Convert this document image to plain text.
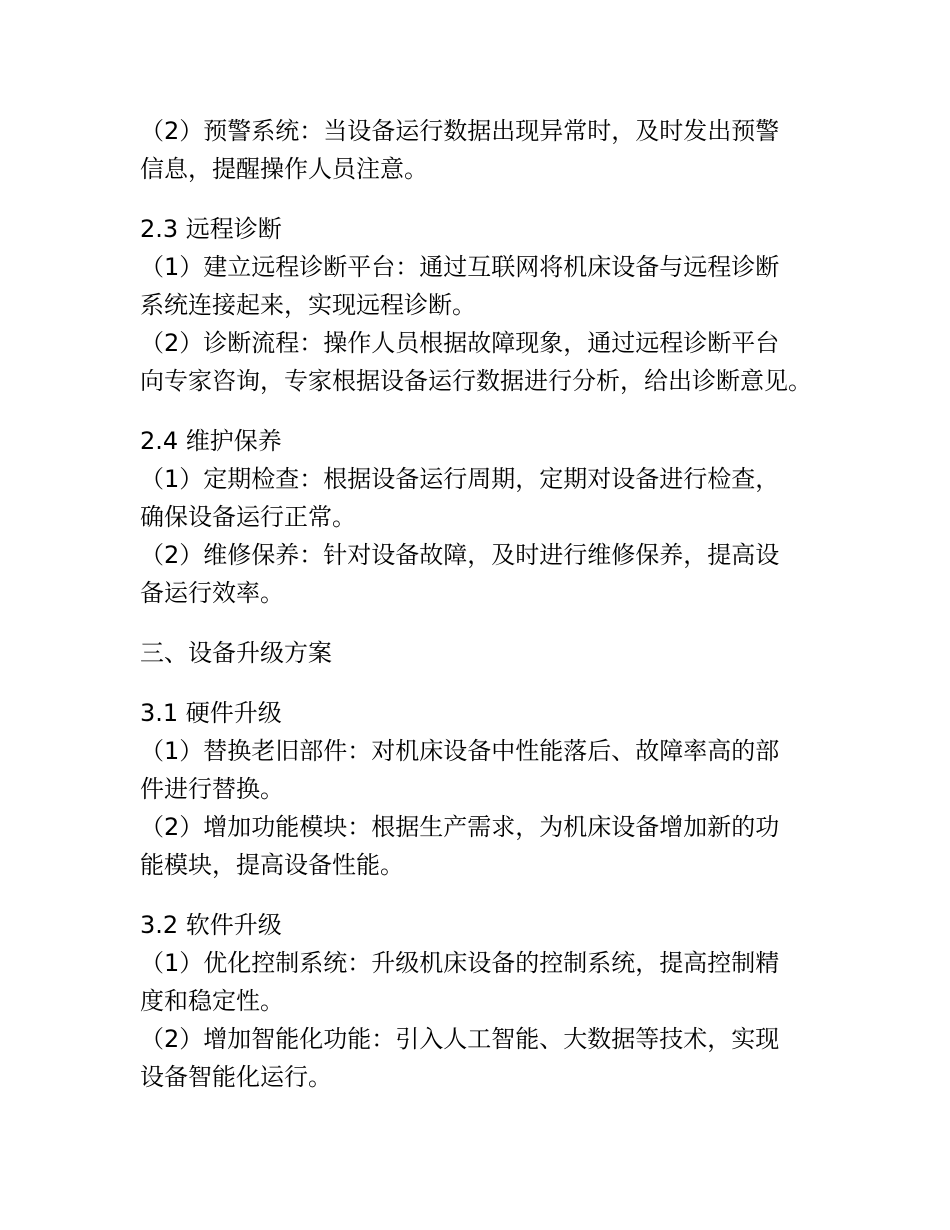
（2）预警系统：当设备运行数据出现异常时，及时发出预警
信息，提醒操作人员注意。
2.3 远程诊断
（1）建立远程诊断平台：通过互联网将机床设备与远程诊断
系统连接起来，实现远程诊断。
（2）诊断流程：操作人员根据故障现象，通过远程诊断平台
向专家咨询，专家根据设备运行数据进行分析，给出诊断意见。
2.4 维护保养
（1）定期检查：根据设备运行周期，定期对设备进行检查，
确保设备运行正常。
（2）维修保养：针对设备故障，及时进行维修保养，提高设
备运行效率。
三、设备升级方案
3.1 硬件升级
（1）替换老旧部件：对机床设备中性能落后、故障率高的部
件进行替换。
（2）增加功能模块：根据生产需求，为机床设备增加新的功
能模块，提高设备性能。
3.2 软件升级
（1）优化控制系统：升级机床设备的控制系统，提高控制精
度和稳定性。
（2）增加智能化功能：引入人工智能、大数据等技术，实现
设备智能化运行。
